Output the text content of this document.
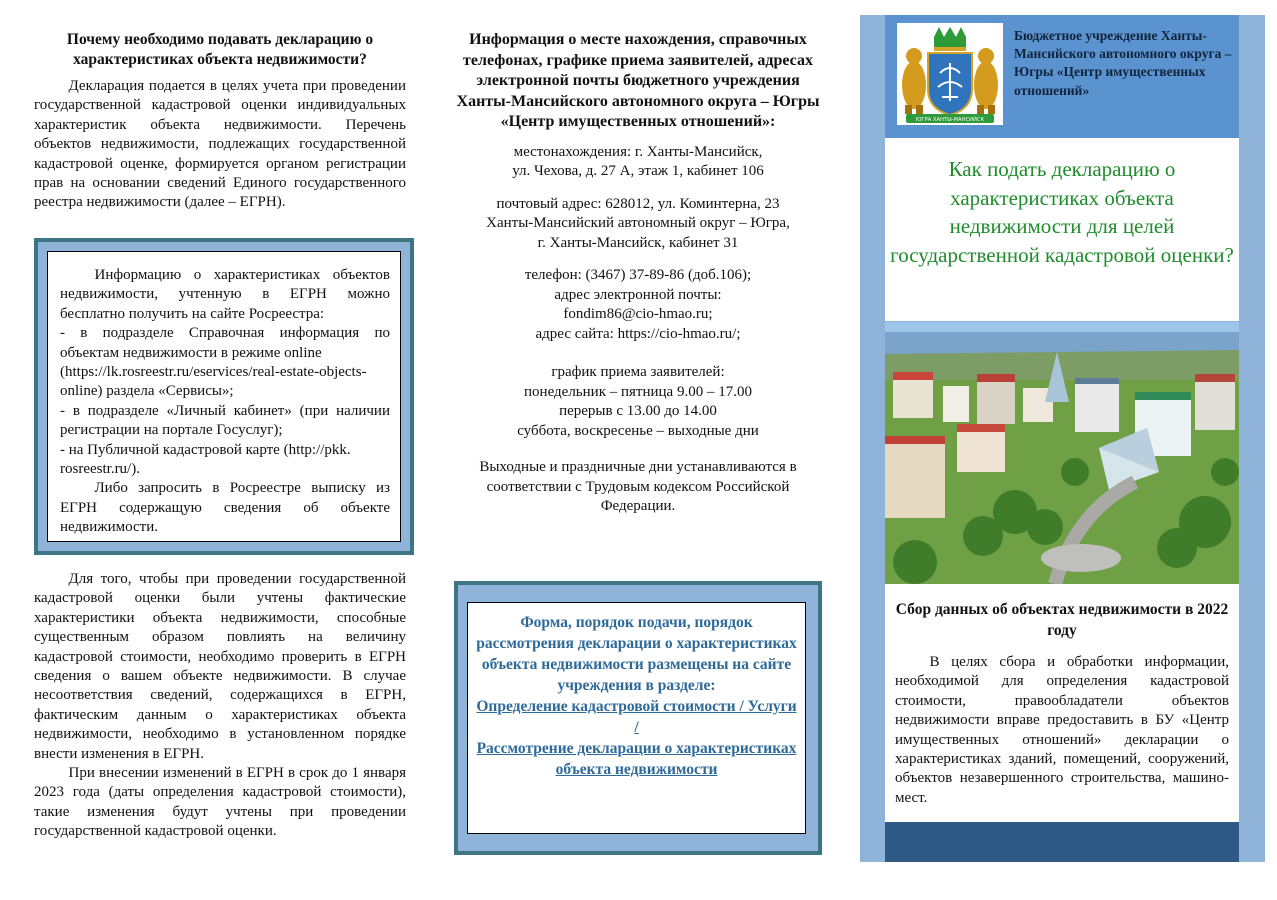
Почему необходимо подавать декларацию о характеристиках объекта недвижимости?

Декларация подается в целях учета при проведении государственной кадастровой оценки индивидуальных характеристик объекта недвижимости. Перечень объектов недвижимости, подлежащих государственной кадастровой оценке, формируется органом регистрации прав на основании сведений Единого государственного реестра недвижимости (далее – ЕГРН).

Информацию о характеристиках объектов недвижимости, учтенную в ЕГРН можно бесплатно получить на сайте Росреестра:

- в подразделе Справочная информация по объектам недвижимости в режиме online

(https://lk.rosreestr.ru/eservices/real-estate-objects-online) раздела «Сервисы»;

- в подразделе «Личный кабинет» (при наличии регистрации на портале Госуслуг);

- на Публичной кадастровой карте (http://pkk.

rosreestr.ru/).

Либо запросить в Росреестре выписку из ЕГРН содержащую сведения об объекте недвижимости.

Для того, чтобы при проведении государственной кадастровой оценки были учтены фактические характеристики объекта недвижимости, способные существенным образом повлиять на величину кадастровой стоимости, необходимо проверить в ЕГРН сведения о вашем объекте недвижимости. В случае несоответствия сведений, содержащихся в ЕГРН, фактическим данным о характеристиках объекта недвижимости, необходимо в установленном порядке внести изменения в ЕГРН.

При внесении изменений в ЕГРН в срок до 1 января 2023 года (даты определения кадастровой стоимости), такие изменения будут учтены при проведении государственной кадастровой оценки.

Информация о месте нахождения, справочных телефонах, графике приема заявителей, адресах электронной почты бюджетного учреждения Ханты-Мансийского автономного округа – Югры «Центр имущественных отношений»:

местонахождения: г. Ханты-Мансийск,

ул. Чехова, д. 27 А, этаж 1, кабинет 106

почтовый адрес: 628012, ул. Коминтерна, 23

Ханты-Мансийский автономный округ – Югра,

г. Ханты-Мансийск, кабинет 31

телефон: (3467) 37-89-86 (доб.106);

адрес электронной почты:

fondim86@cio-hmao.ru;

адрес сайта: https://cio-hmao.ru/;

график приема заявителей:

понедельник – пятница 9.00 – 17.00

перерыв с 13.00 до 14.00

суббота, воскресенье – выходные дни

Выходные и праздничные дни устанавливаются в соответствии с Трудовым кодексом Российской Федерации.

Форма, порядок подачи, порядок рассмотрения декларации о характеристиках объекта недвижимости размещены на сайте учреждения в разделе:

Определение кадастровой стоимости / Услуги /

Рассмотрение декларации о характеристиках объекта недвижимости

ЮГРА ХАНТЫ-МАНСИЙСК

Бюджетное учреждение Ханты-Мансийского автономного округа – Югры «Центр имущественных отношений»

Как подать декларацию о характеристиках объекта недвижимости для целей государственной кадастровой оценки?

Сбор данных об объектах недвижимости в 2022 году

В целях сбора и обработки информации, необходимой для определения кадастровой стоимости, правообладатели объектов недвижимости вправе предоставить в БУ «Центр имущественных отношений» декларации о характеристиках зданий, помещений, сооружений, объектов незавершенного строительства, машино-мест.
